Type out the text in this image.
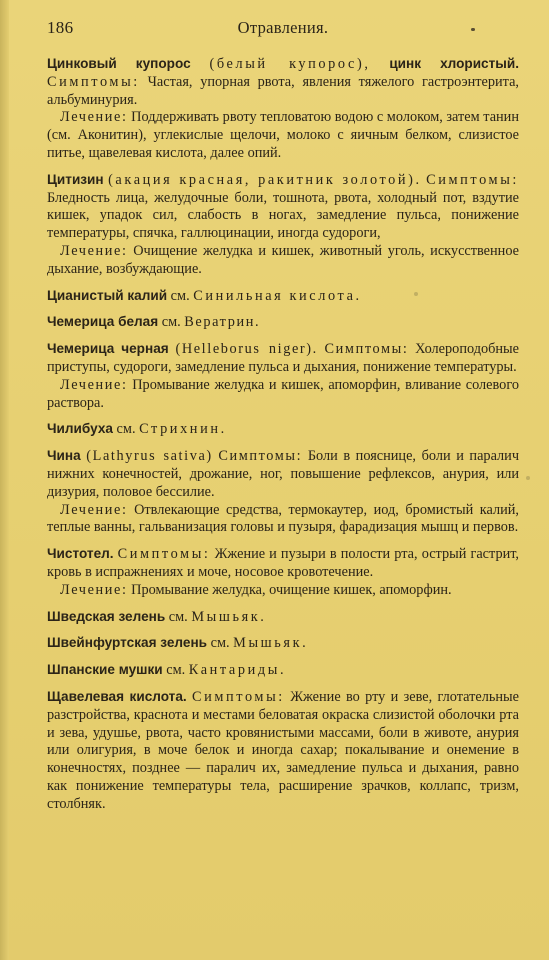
186	Отравления.

Цинковый купорос (белый купорос), цинк хлористый. Симптомы: Частая, упорная рвота, явления тяжелого гастроэнтерита, альбуминурия.
Лечение: Поддерживать рвоту тепловатою водою с молоком, затем танин (см. Аконитин), углекислые щелочи, молоко с яичным белком, слизистое питье, щавелевая кислота, далее опий.

Цитизин (акация красная, ракитник золотой). Симптомы: Бледность лица, желудочные боли, тошнота, рвота, холодный пот, вздутие кишек, упадок сил, слабость в ногах, замедление пульса, понижение температуры, спячка, галлюцинации, иногда судороги,
Лечение: Очищение желудка и кишек, животный уголь, искусственное дыхание, возбуждающие.

Цианистый калий см. Синильная кислота.

Чемерица белая см. Вератрин.

Чемерица черная (Helleborus niger). Симптомы: Холероподобные приступы, судороги, замедление пульса и дыхания, понижение температуры.
Лечение: Промывание желудка и кишек, апоморфин, вливание солевого раствора.

Чилибуха см. Стрихнин.

Чина (Lathyrus sativa) Симптомы: Боли в пояснице, боли и паралич нижних конечностей, дрожание, ног, повышение рефлексов, анурия, или дизурия, половое бессилие.
Лечение: Отвлекающие средства, термокаутер, иод, бромистый калий, теплые ванны, гальванизация головы и пузыря, фарадизация мышц и первов.

Чистотел. Симптомы: Жжение и пузыри в полости рта, острый гастрит, кровь в испражнениях и моче, носовое кровотечение.
Лечение: Промывание желудка, очищение кишек, апоморфин.

Шведская зелень см. Мышьяк.

Швейнфуртская зелень см. Мышьяк.

Шпанские мушки см. Кантариды.

Щавелевая кислота. Симптомы: Жжение во рту и зеве, глотательные разстройства, краснота и местами беловатая окраска слизистой оболочки рта и зева, удушье, рвота, часто кровянистыми массами, боли в животе, анурия или олигурия, в моче белок и иногда сахар; покалывание и онемение в конечностях, позднее — паралич их, замедление пульса и дыхания, равно как понижение температуры тела, расширение зрачков, коллапс, тризм, столбняк.
